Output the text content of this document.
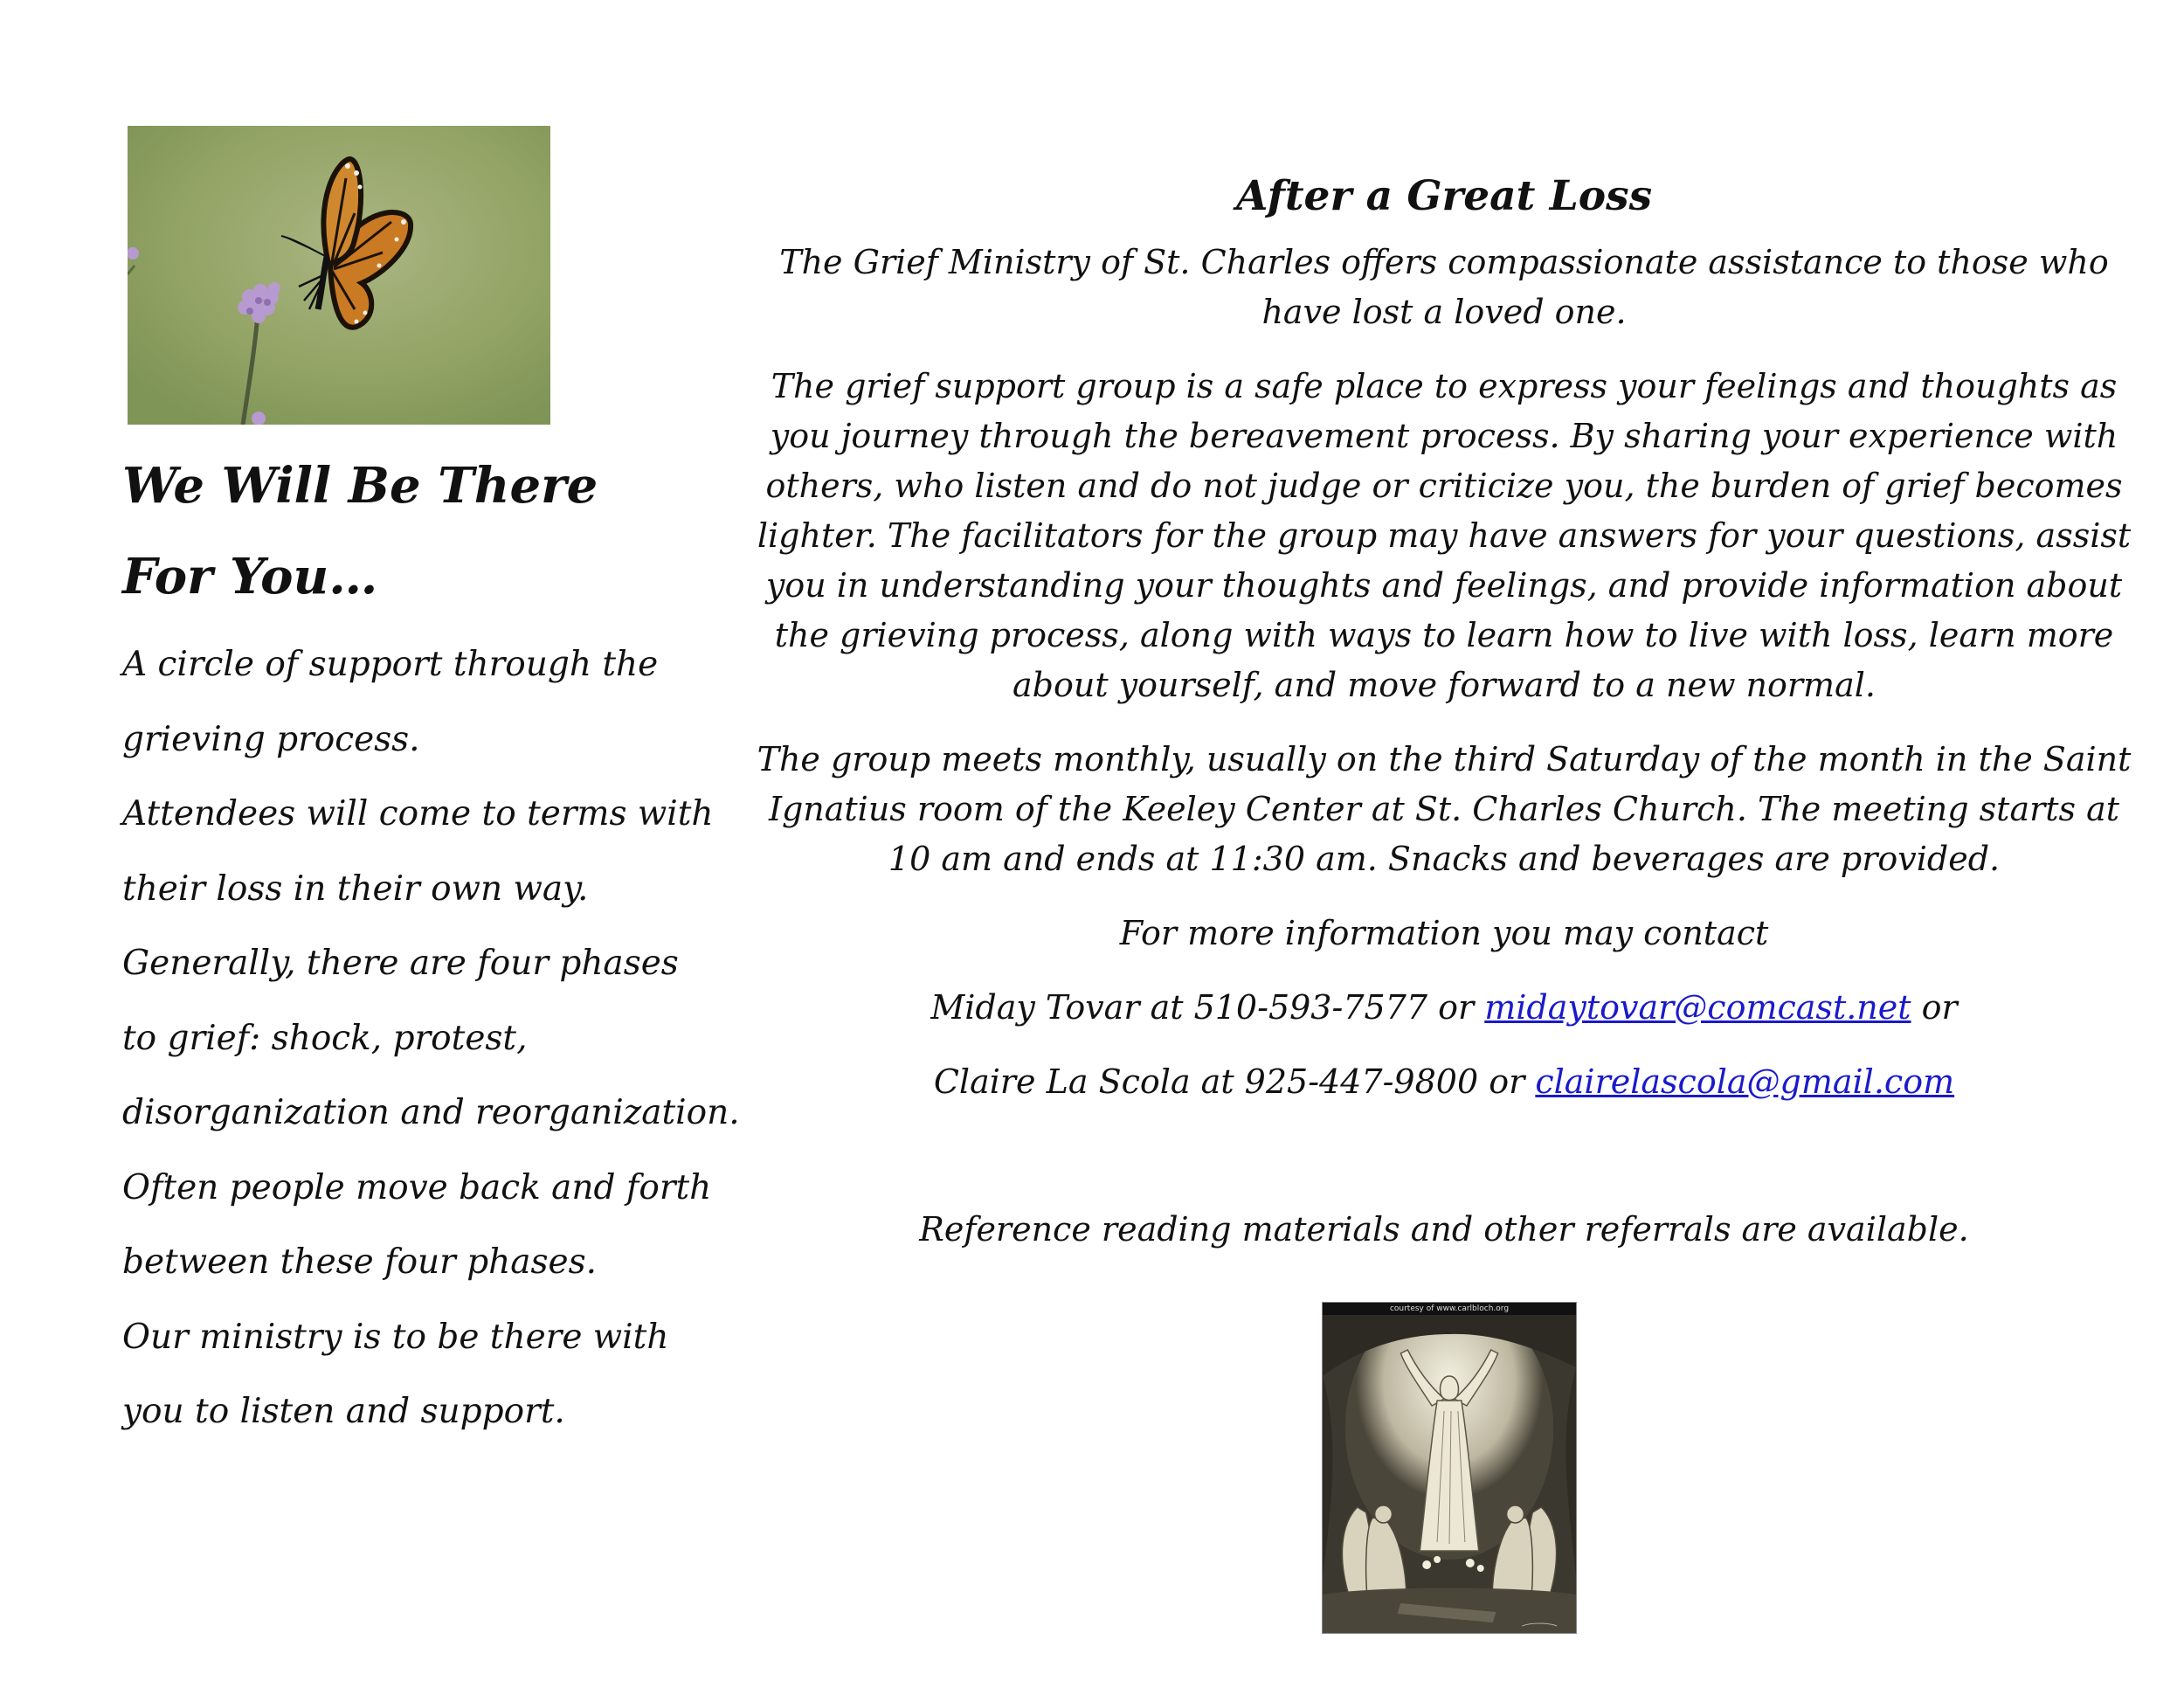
We Will Be There
For You…
A circle of support through the
grieving process.
Attendees will come to terms with
their loss in their own way.
Generally, there are four phases
to grief: shock, protest,
disorganization and reorganization.
Often people move back and forth
between these four phases.
Our ministry is to be there with
you to listen and support.
After a Great Loss

The Grief Ministry of St. Charles offers compassionate assistance to those who have lost a loved one.

The grief support group is a safe place to express your feelings and thoughts as you journey through the bereavement process. By sharing your experience with others, who listen and do not judge or criticize you, the burden of grief becomes lighter. The facilitators for the group may have answers for your questions, assist you in understanding your thoughts and feelings, and provide information about the grieving process, along with ways to learn how to live with loss, learn more about yourself, and move forward to a new normal.

The group meets monthly, usually on the third Saturday of the month in the Saint Ignatius room of the Keeley Center at St. Charles Church. The meeting starts at 10 am and ends at 11:30 am. Snacks and beverages are provided.

For more information you may contact

Miday Tovar at 510-593-7577 or midaytovar@comcast.net or

Claire La Scola at 925-447-9800 or clairelascola@gmail.com

Reference reading materials and other referrals are available.

courtesy of www.carlbloch.org
